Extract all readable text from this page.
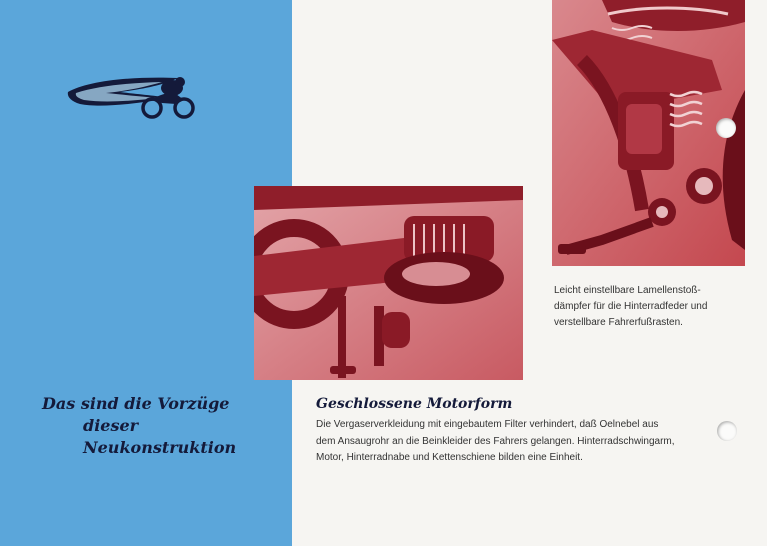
Das sind die Vorzüge
dieser
Neukonstruktion
Leicht einstellbare Lamellenstoß-
dämpfer für die Hinterradfeder und
verstellbare Fahrerfußrasten.
Geschlossene Motorform
Die Vergaserverkleidung mit eingebautem Filter verhindert, daß Oelnebel aus
dem Ansaugrohr an die Beinkleider des Fahrers gelangen. Hinterradschwingarm,
Motor, Hinterradnabe und Kettenschiene bilden eine Einheit.
